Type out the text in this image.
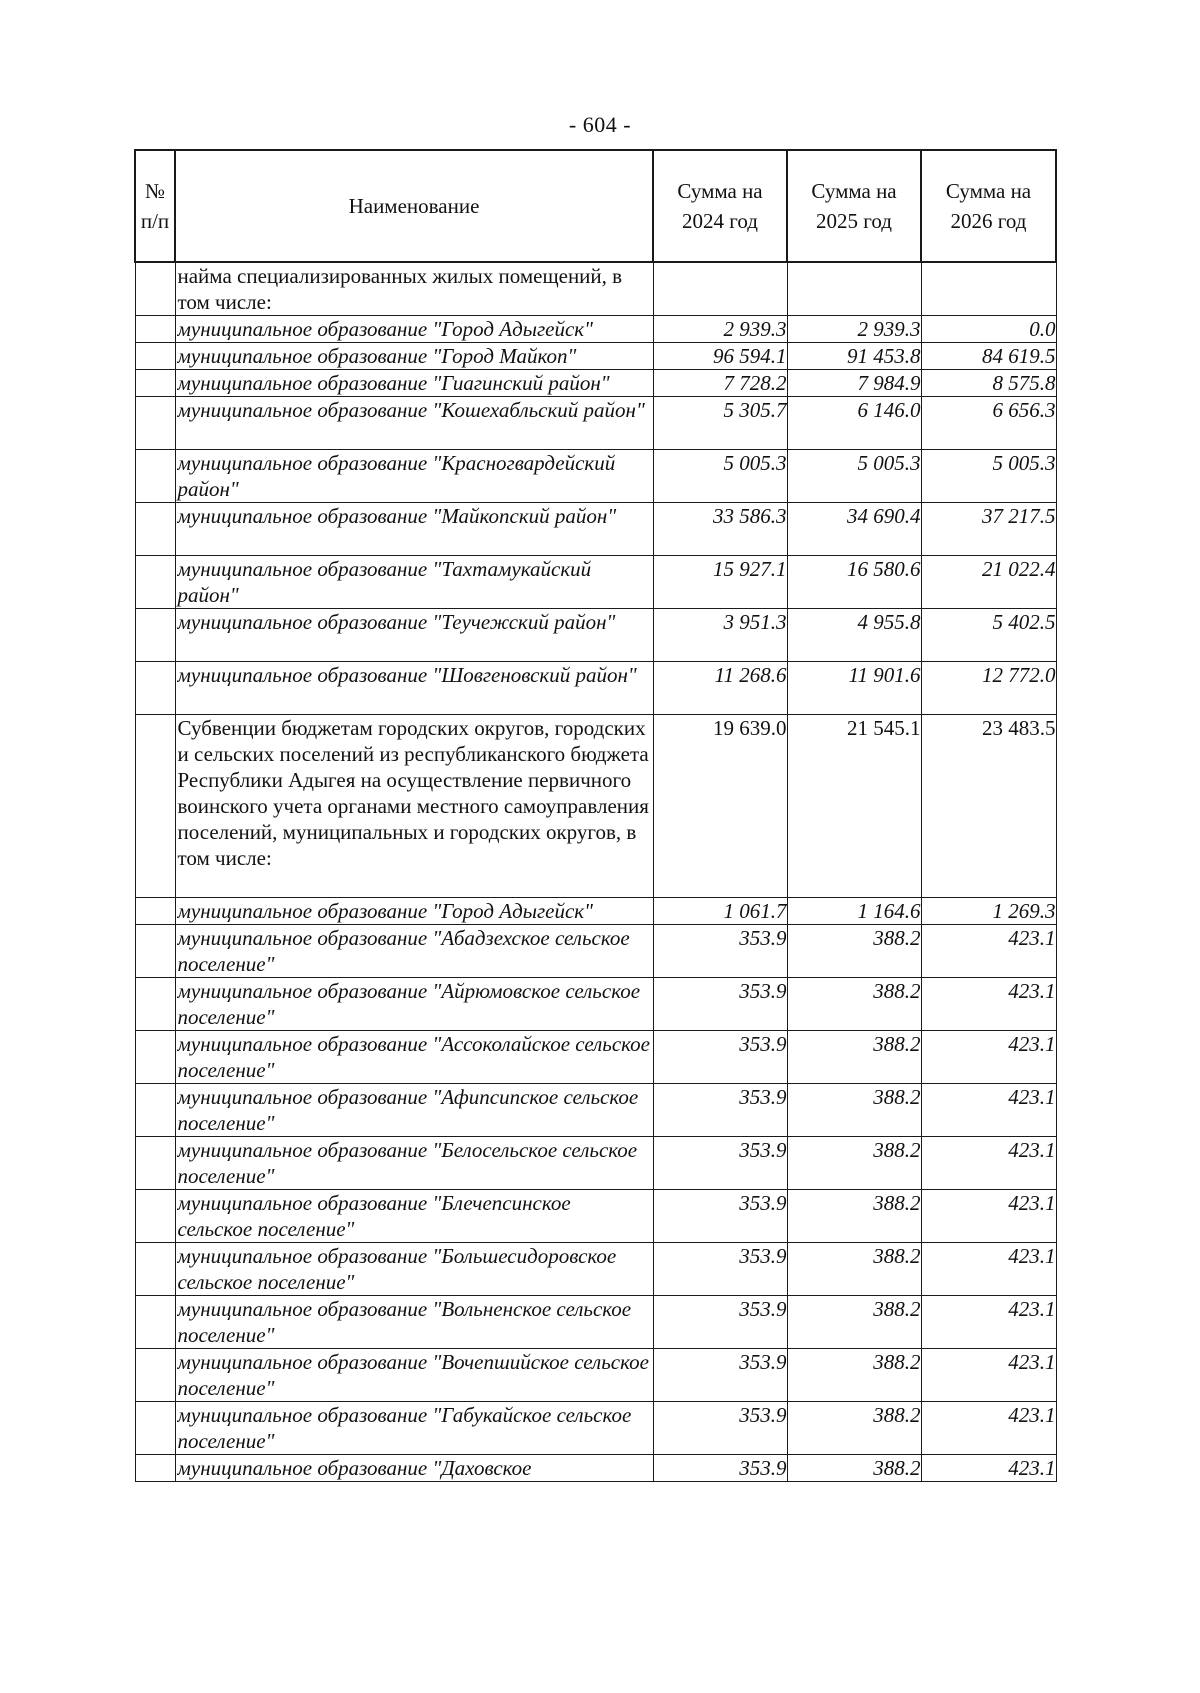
- 604 -
№ п/п	Наименование	Сумма на 2024 год	Сумма на 2025 год	Сумма на 2026 год
	найма специализированных жилых помещений, в том числе:			
	муниципальное образование "Город Адыгейск"	2 939.3	2 939.3	0.0
	муниципальное образование "Город Майкоп"	96 594.1	91 453.8	84 619.5
	муниципальное образование "Гиагинский район"	7 728.2	7 984.9	8 575.8
	муниципальное образование "Кошехабльский район"	5 305.7	6 146.0	6 656.3
	муниципальное образование "Красногвардейский район"	5 005.3	5 005.3	5 005.3
	муниципальное образование "Майкопский район"	33 586.3	34 690.4	37 217.5
	муниципальное образование "Тахтамукайский район"	15 927.1	16 580.6	21 022.4
	муниципальное образование "Теучежский район"	3 951.3	4 955.8	5 402.5
	муниципальное образование "Шовгеновский район"	11 268.6	11 901.6	12 772.0
	Субвенции бюджетам городских округов, городских и сельских поселений из республиканского бюджета Республики Адыгея на осуществление первичного воинского учета органами местного самоуправления поселений, муниципальных и городских округов, в том числе:	19 639.0	21 545.1	23 483.5
	муниципальное образование "Город Адыгейск"	1 061.7	1 164.6	1 269.3
	муниципальное образование "Абадзехское сельское поселение"	353.9	388.2	423.1
	муниципальное образование "Айрюмовское сельское поселение"	353.9	388.2	423.1
	муниципальное образование "Ассоколайское сельское поселение"	353.9	388.2	423.1
	муниципальное образование "Афипсипское сельское поселение"	353.9	388.2	423.1
	муниципальное образование "Белосельское сельское поселение"	353.9	388.2	423.1
	муниципальное образование "Блечепсинское сельское поселение"	353.9	388.2	423.1
	муниципальное образование "Большесидоровское сельское поселение"	353.9	388.2	423.1
	муниципальное образование "Вольненское сельское поселение"	353.9	388.2	423.1
	муниципальное образование "Вочепшийское сельское поселение"	353.9	388.2	423.1
	муниципальное образование "Габукайское сельское поселение"	353.9	388.2	423.1
	муниципальное образование "Даховское	353.9	388.2	423.1
